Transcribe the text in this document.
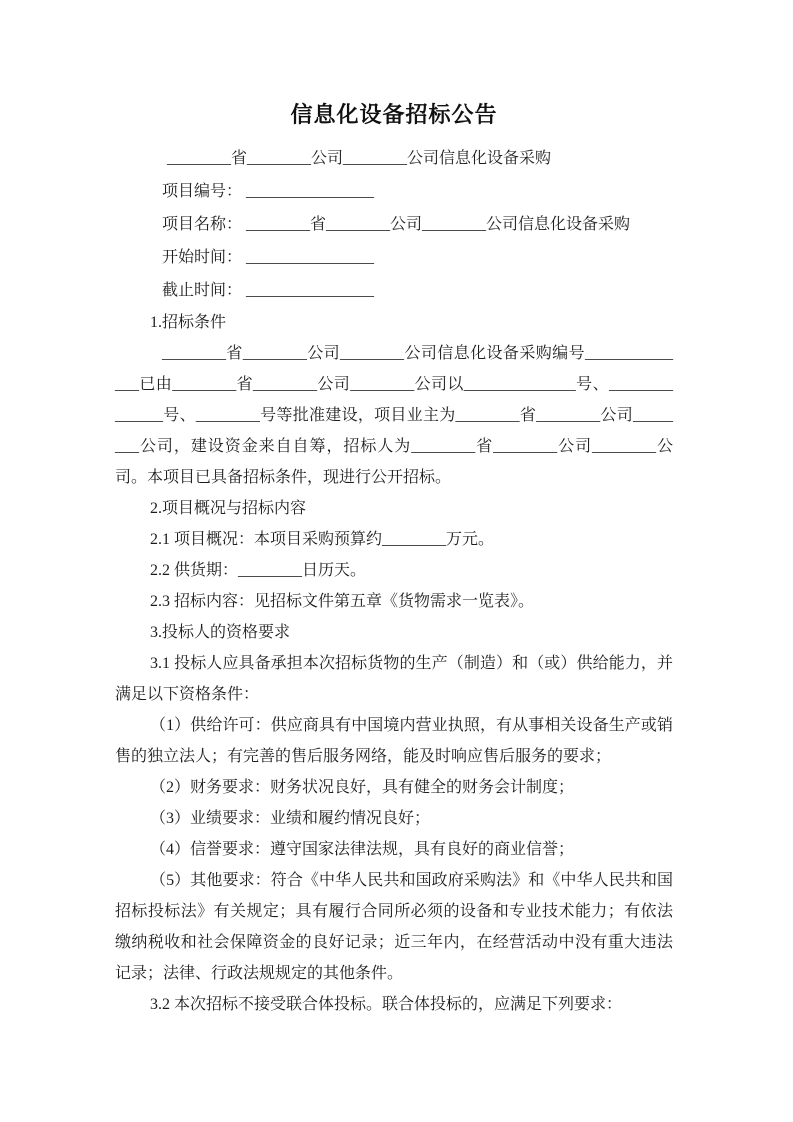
信息化设备招标公告

________省________公司________公司信息化设备采购

项目编号： ________________

项目名称： ________省________公司________公司信息化设备采购

开始时间： ________________

截止时间： ________________

1.招标条件

________省________公司________公司信息化设备采购编号______________已由________省________公司________公司以______________号、______________号、________号等批准建设，项目业主为________省________公司________公司，建设资金来自自筹，招标人为________省________公司________公司。本项目已具备招标条件，现进行公开招标。

2.项目概况与招标内容

2.1 项目概况：本项目采购预算约________万元。

2.2 供货期：________日历天。

2.3 招标内容：见招标文件第五章《货物需求一览表》。

3.投标人的资格要求

3.1 投标人应具备承担本次招标货物的生产（制造）和（或）供给能力，并满足以下资格条件：

（1）供给许可：供应商具有中国境内营业执照，有从事相关设备生产或销售的独立法人；有完善的售后服务网络，能及时响应售后服务的要求；

（2）财务要求：财务状况良好，具有健全的财务会计制度；

（3）业绩要求：业绩和履约情况良好；

（4）信誉要求：遵守国家法律法规，具有良好的商业信誉；

（5）其他要求：符合《中华人民共和国政府采购法》和《中华人民共和国招标投标法》有关规定；具有履行合同所必须的设备和专业技术能力；有依法缴纳税收和社会保障资金的良好记录；近三年内，在经营活动中没有重大违法记录；法律、行政法规规定的其他条件。

3.2 本次招标不接受联合体投标。联合体投标的，应满足下列要求：
